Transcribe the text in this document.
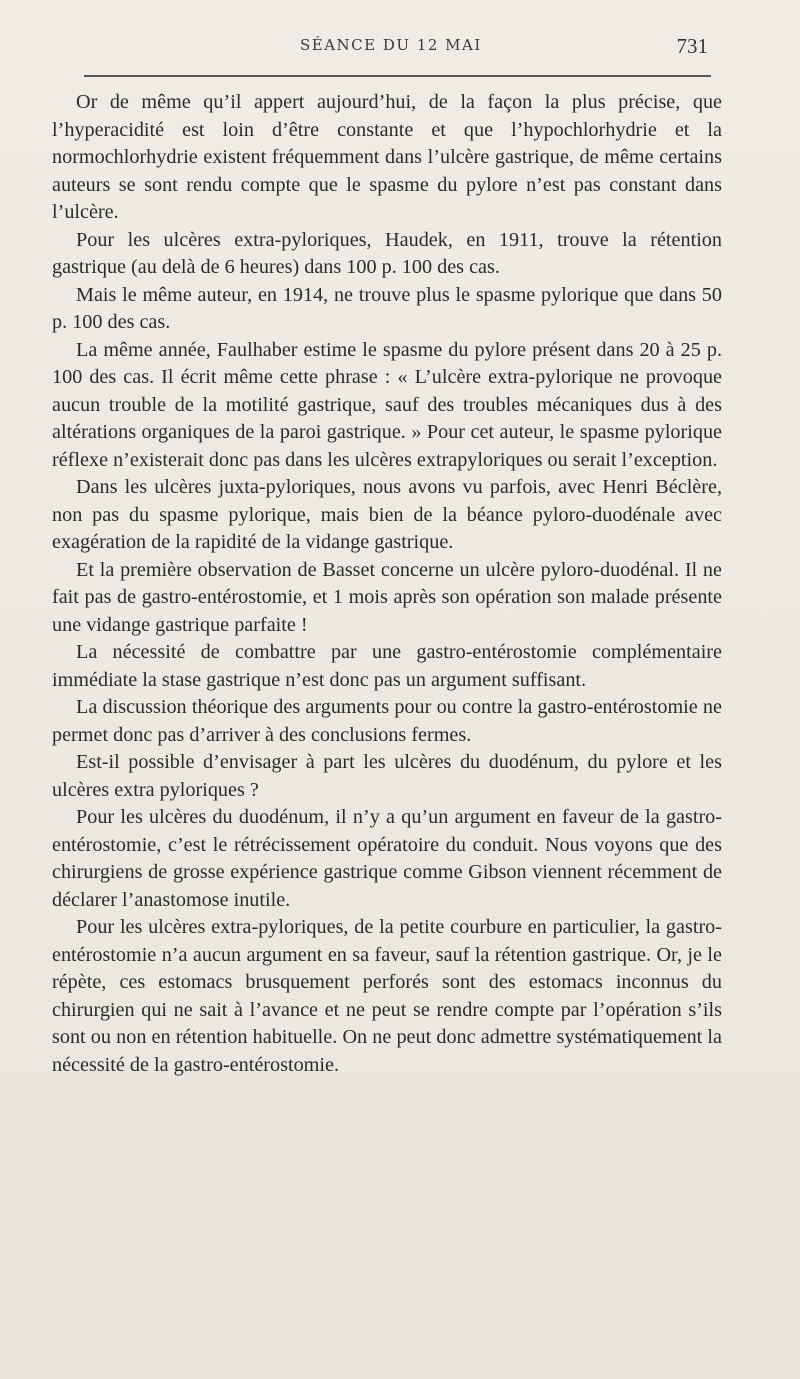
SÉANCE DU 12 MAI	731

Or de même qu’il appert aujourd’hui, de la façon la plus précise, que l’hyperacidité est loin d’être constante et que l’hypochlorhydrie et la normochlorhydrie existent fréquemment dans l’ulcère gastrique, de même certains auteurs se sont rendu compte que le spasme du pylore n’est pas constant dans l’ulcère.

Pour les ulcères extra-pyloriques, Haudek, en 1911, trouve la rétention gastrique (au delà de 6 heures) dans 100 p. 100 des cas.

Mais le même auteur, en 1914, ne trouve plus le spasme pylorique que dans 50 p. 100 des cas.

La même année, Faulhaber estime le spasme du pylore présent dans 20 à 25 p. 100 des cas. Il écrit même cette phrase : « L’ulcère extra-pylorique ne provoque aucun trouble de la motilité gastrique, sauf des troubles mécaniques dus à des altérations organiques de la paroi gastrique. » Pour cet auteur, le spasme pylorique réflexe n’existerait donc pas dans les ulcères extrapyloriques ou serait l’exception.

Dans les ulcères juxta-pyloriques, nous avons vu parfois, avec Henri Béclère, non pas du spasme pylorique, mais bien de la béance pyloro-duodénale avec exagération de la rapidité de la vidange gastrique.

Et la première observation de Basset concerne un ulcère pyloro-duodénal. Il ne fait pas de gastro-entérostomie, et 1 mois après son opération son malade présente une vidange gastrique parfaite !

La nécessité de combattre par une gastro-entérostomie complémentaire immédiate la stase gastrique n’est donc pas un argument suffisant.

La discussion théorique des arguments pour ou contre la gastro-entérostomie ne permet donc pas d’arriver à des conclusions fermes.

Est-il possible d’envisager à part les ulcères du duodénum, du pylore et les ulcères extra pyloriques ?

Pour les ulcères du duodénum, il n’y a qu’un argument en faveur de la gastro-entérostomie, c’est le rétrécissement opératoire du conduit. Nous voyons que des chirurgiens de grosse expérience gastrique comme Gibson viennent récemment de déclarer l’anastomose inutile.

Pour les ulcères extra-pyloriques, de la petite courbure en particulier, la gastro-entérostomie n’a aucun argument en sa faveur, sauf la rétention gastrique. Or, je le répète, ces estomacs brusquement perforés sont des estomacs inconnus du chirurgien qui ne sait à l’avance et ne peut se rendre compte par l’opération s’ils sont ou non en rétention habituelle. On ne peut donc admettre systématiquement la nécessité de la gastro-entérostomie.
